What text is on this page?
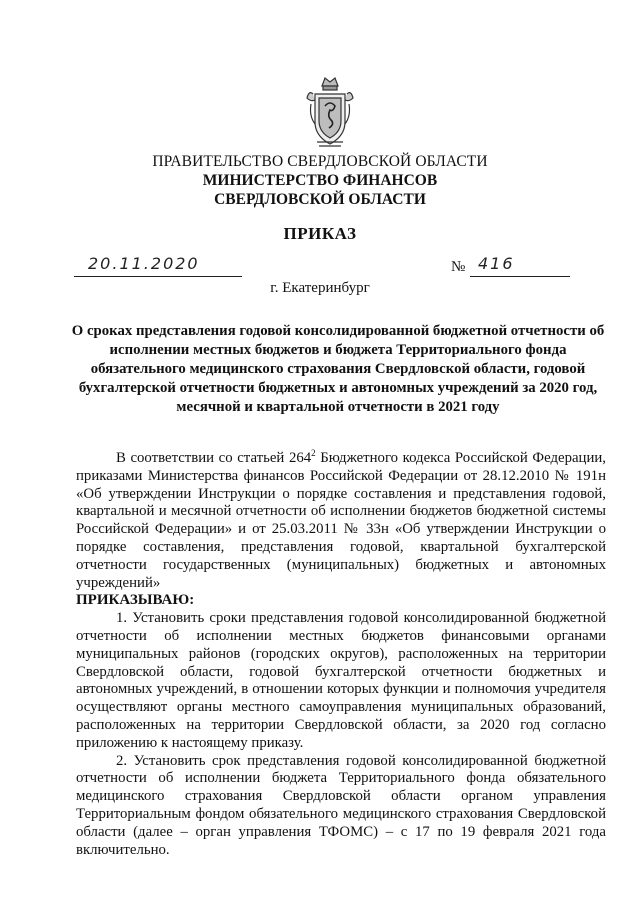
ПРАВИТЕЛЬСТВО СВЕРДЛОВСКОЙ ОБЛАСТИ
МИНИСТЕРСТВО ФИНАНСОВ
СВЕРДЛОВСКОЙ ОБЛАСТИ
ПРИКАЗ
20.11.2020	№ 416
г. Екатеринбург
О сроках представления годовой консолидированной бюджетной отчетности об исполнении местных бюджетов и бюджета Территориального фонда обязательного медицинского страхования Свердловской области, годовой бухгалтерской отчетности бюджетных и автономных учреждений за 2020 год, месячной и квартальной отчетности в 2021 году

В соответствии со статьей $264^2$ Бюджетного кодекса Российской Федерации, приказами Министерства финансов Российской Федерации от 28.12.2010 № 191н «Об утверждении Инструкции о порядке составления и представления годовой, квартальной и месячной отчетности об исполнении бюджетов бюджетной системы Российской Федерации» и от 25.03.2011 № 33н «Об утверждении Инструкции о порядке составления, представления годовой, квартальной бухгалтерской отчетности государственных (муниципальных) бюджетных и автономных учреждений»

ПРИКАЗЫВАЮ:

1. Установить сроки представления годовой консолидированной бюджетной отчетности об исполнении местных бюджетов финансовыми органами муниципальных районов (городских округов), расположенных на территории Свердловской области, годовой бухгалтерской отчетности бюджетных и автономных учреждений, в отношении которых функции и полномочия учредителя осуществляют органы местного самоуправления муниципальных образований, расположенных на территории Свердловской области, за 2020 год согласно приложению к настоящему приказу.

2. Установить срок представления годовой консолидированной бюджетной отчетности об исполнении бюджета Территориального фонда обязательного медицинского страхования Свердловской области органом управления Территориальным фондом обязательного медицинского страхования Свердловской области (далее – орган управления ТФОМС) – с 17 по 19 февраля 2021 года включительно.
